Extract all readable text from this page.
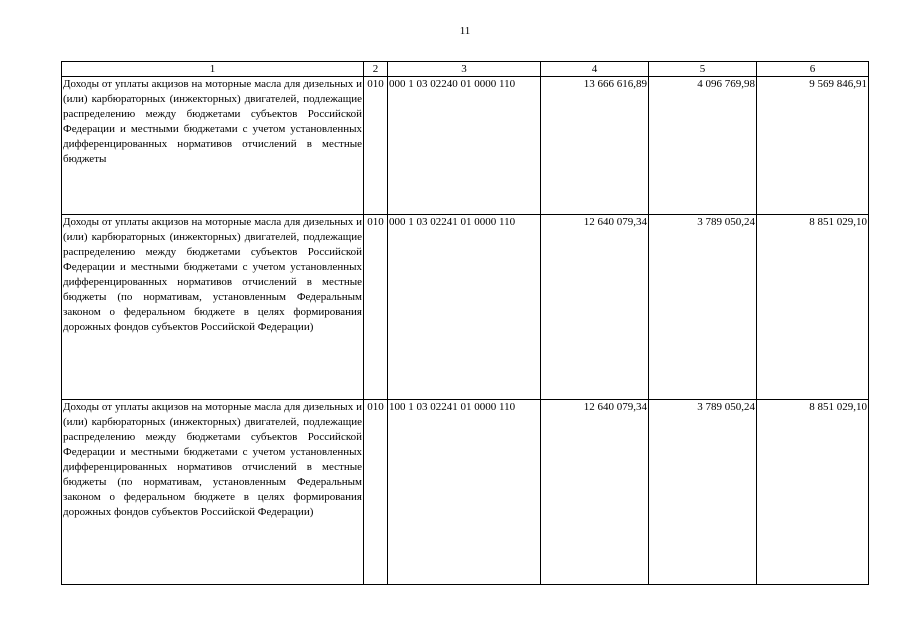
11
1	2	3	4	5	6
Доходы от уплаты акцизов на моторные масла для дизельных и (или) карбюраторных (инжекторных) двигателей, подлежащие распределению между бюджетами субъектов Российской Федерации и местными бюджетами с учетом установленных дифференцированных нормативов отчислений в местные бюджеты	010	000 1 03 02240 01 0000 110	13 666 616,89	4 096 769,98	9 569 846,91
Доходы от уплаты акцизов на моторные масла для дизельных и (или) карбюраторных (инжекторных) двигателей, подлежащие распределению между бюджетами субъектов Российской Федерации и местными бюджетами с учетом установленных дифференцированных нормативов отчислений в местные бюджеты (по нормативам, установленным Федеральным законом о федеральном бюджете в целях формирования дорожных фондов субъектов Российской Федерации)	010	000 1 03 02241 01 0000 110	12 640 079,34	3 789 050,24	8 851 029,10
Доходы от уплаты акцизов на моторные масла для дизельных и (или) карбюраторных (инжекторных) двигателей, подлежащие распределению между бюджетами субъектов Российской Федерации и местными бюджетами с учетом установленных дифференцированных нормативов отчислений в местные бюджеты (по нормативам, установленным Федеральным законом о федеральном бюджете в целях формирования дорожных фондов субъектов Российской Федерации)	010	100 1 03 02241 01 0000 110	12 640 079,34	3 789 050,24	8 851 029,10
